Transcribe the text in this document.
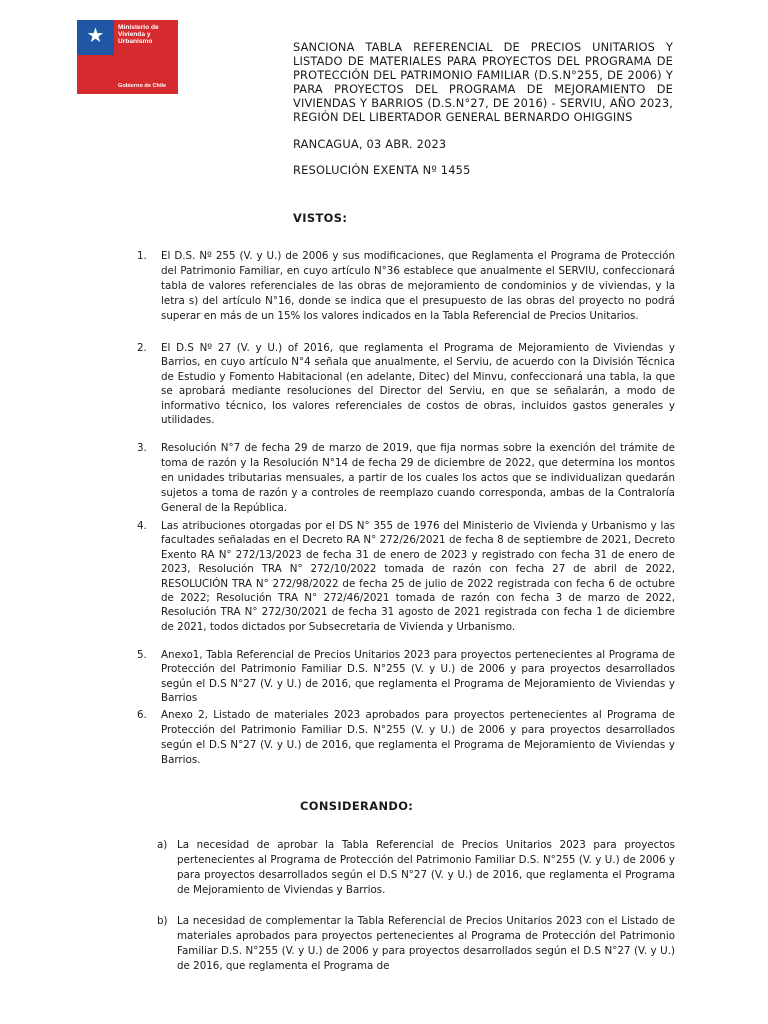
★	Ministerio de Vivienda y Urbanismo
Gobierno de Chile
SANCIONA TABLA REFERENCIAL DE PRECIOS UNITARIOS Y LISTADO DE MATERIALES PARA PROYECTOS DEL PROGRAMA DE PROTECCIÓN DEL PATRIMONIO FAMILIAR (D.S.N°255, DE 2006) Y PARA PROYECTOS DEL PROGRAMA DE MEJORAMIENTO DE VIVIENDAS Y BARRIOS (D.S.N°27, DE 2016) - SERVIU, AÑO 2023, REGIÓN DEL LIBERTADOR GENERAL BERNARDO OHIGGINS
RANCAGUA, 03 ABR. 2023
RESOLUCIÓN EXENTA Nº 1455
VISTOS:
1. El D.S. Nº 255 (V. y U.) de 2006 y sus modificaciones, que Reglamenta el Programa de Protección del Patrimonio Familiar, en cuyo artículo N°36 establece que anualmente el SERVIU, confeccionará tabla de valores referenciales de las obras de mejoramiento de condominios y de viviendas, y la letra s) del artículo N°16, donde se indica que el presupuesto de las obras del proyecto no podrá superar en más de un 15% los valores indicados en la Tabla Referencial de Precios Unitarios.
2. El D.S Nº 27 (V. y U.) of 2016, que reglamenta el Programa de Mejoramiento de Viviendas y Barrios, en cuyo artículo N°4 señala que anualmente, el Serviu, de acuerdo con la División Técnica de Estudio y Fomento Habitacional (en adelante, Ditec) del Minvu, confeccionará una tabla, la que se aprobará mediante resoluciones del Director del Serviu, en que se señalarán, a modo de informativo técnico, los valores referenciales de costos de obras, incluidos gastos generales y utilidades.
3. Resolución N°7 de fecha 29 de marzo de 2019, que fija normas sobre la exención del trámite de toma de razón y la Resolución N°14 de fecha 29 de diciembre de 2022, que determina los montos en unidades tributarias mensuales, a partir de los cuales los actos que se individualizan quedarán sujetos a toma de razón y a controles de reemplazo cuando corresponda, ambas de la Contraloría General de la República.
4. Las atribuciones otorgadas por el DS N° 355 de 1976 del Ministerio de Vivienda y Urbanismo y las facultades señaladas en el Decreto RA N° 272/26/2021 de fecha 8 de septiembre de 2021, Decreto Exento RA N° 272/13/2023 de fecha 31 de enero de 2023 y registrado con fecha 31 de enero de 2023, Resolución TRA N° 272/10/2022 tomada de razón con fecha 27 de abril de 2022, RESOLUCIÓN TRA N° 272/98/2022 de fecha 25 de julio de 2022 registrada con fecha 6 de octubre de 2022; Resolución TRA N° 272/46/2021 tomada de razón con fecha 3 de marzo de 2022, Resolución TRA N° 272/30/2021 de fecha 31 agosto de 2021 registrada con fecha 1 de diciembre de 2021, todos dictados por Subsecretaria de Vivienda y Urbanismo.
5. Anexo1, Tabla Referencial de Precios Unitarios 2023 para proyectos pertenecientes al Programa de Protección del Patrimonio Familiar D.S. N°255 (V. y U.) de 2006 y para proyectos desarrollados según el D.S N°27 (V. y U.) de 2016, que reglamenta el Programa de Mejoramiento de Viviendas y Barrios
6. Anexo 2, Listado de materiales 2023 aprobados para proyectos pertenecientes al Programa de Protección del Patrimonio Familiar D.S. N°255 (V. y U.) de 2006 y para proyectos desarrollados según el D.S N°27 (V. y U.) de 2016, que reglamenta el Programa de Mejoramiento de Viviendas y Barrios.
CONSIDERANDO:
a) La necesidad de aprobar la Tabla Referencial de Precios Unitarios 2023 para proyectos pertenecientes al Programa de Protección del Patrimonio Familiar D.S. N°255 (V. y U.) de 2006 y para proyectos desarrollados según el D.S N°27 (V. y U.) de 2016, que reglamenta el Programa de Mejoramiento de Viviendas y Barrios.
b) La necesidad de complementar la Tabla Referencial de Precios Unitarios 2023 con el Listado de materiales aprobados para proyectos pertenecientes al Programa de Protección del Patrimonio Familiar D.S. N°255 (V. y U.) de 2006 y para proyectos desarrollados según el D.S N°27 (V. y U.) de 2016, que reglamenta el Programa de
